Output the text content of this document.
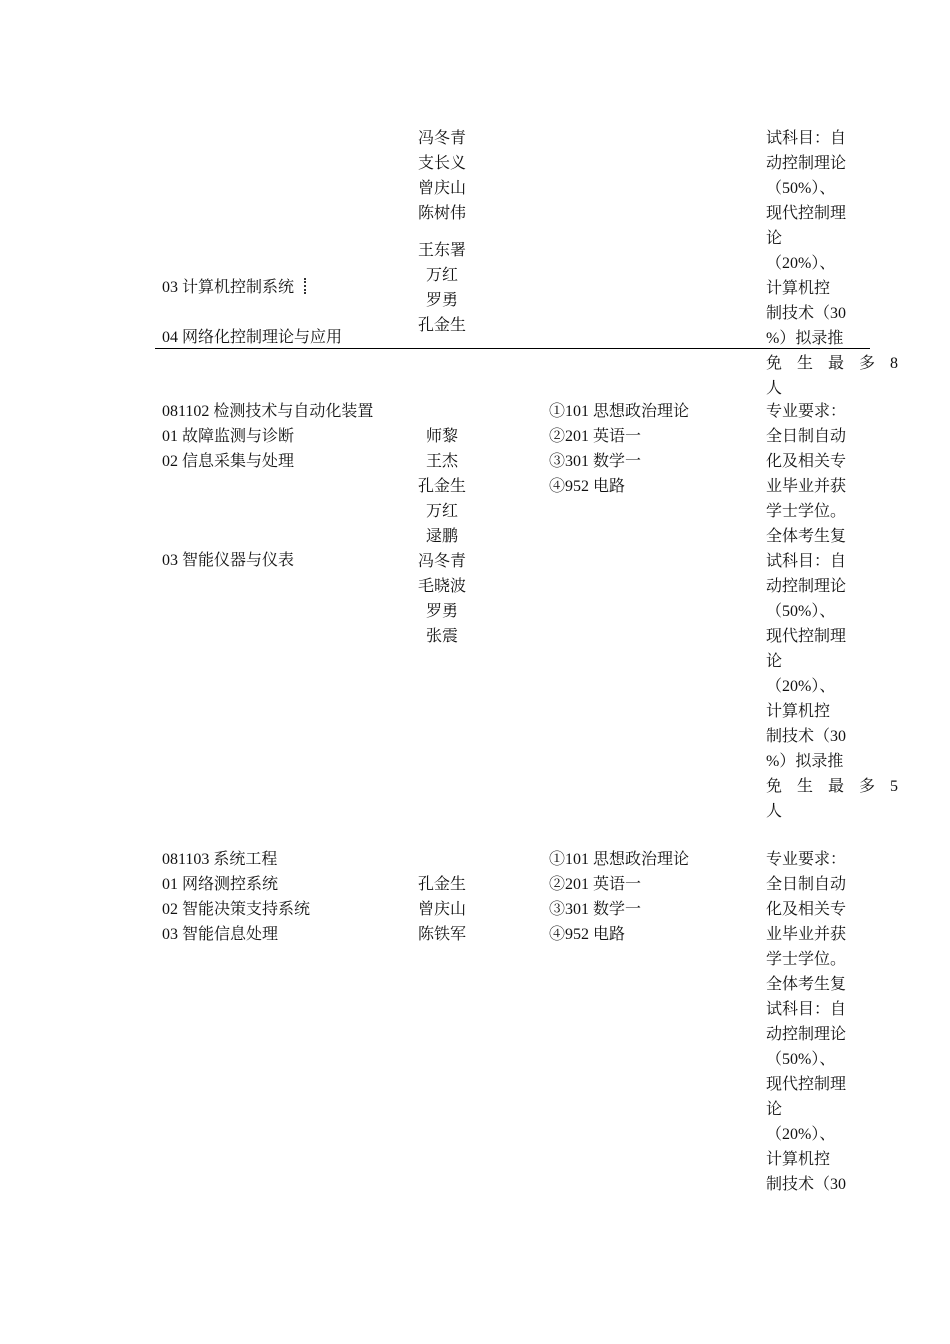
03 计算机控制系统
04 网络化控制理论与应用
冯冬青
支长义
曾庆山
陈树伟
王东署
万红
罗勇
孔金生
试科目：自
动控制理论
（50%）、
现代控制理
论
（20%）、
计算机控
制技术（30
%）拟录推
免 生 最 多 8
人
081102 检测技术与自动化装置
01 故障监测与诊断
02 信息采集与处理
03 智能仪器与仪表
师黎
王杰
孔金生
万红
逯鹏
冯冬青
毛晓波
罗勇
张震
①101 思想政治理论
②201 英语一
③301 数学一
④952 电路
专业要求：
全日制自动
化及相关专
业毕业并获
学士学位。
全体考生复
试科目：自
动控制理论
（50%）、
现代控制理
论
（20%）、
计算机控
制技术（30
%）拟录推
免 生 最 多 5
人
081103 系统工程
01 网络测控系统
02 智能决策支持系统
03 智能信息处理
孔金生
曾庆山
陈铁军
①101 思想政治理论
②201 英语一
③301 数学一
④952 电路
专业要求：
全日制自动
化及相关专
业毕业并获
学士学位。
全体考生复
试科目：自
动控制理论
（50%）、
现代控制理
论
（20%）、
计算机控
制技术（30
